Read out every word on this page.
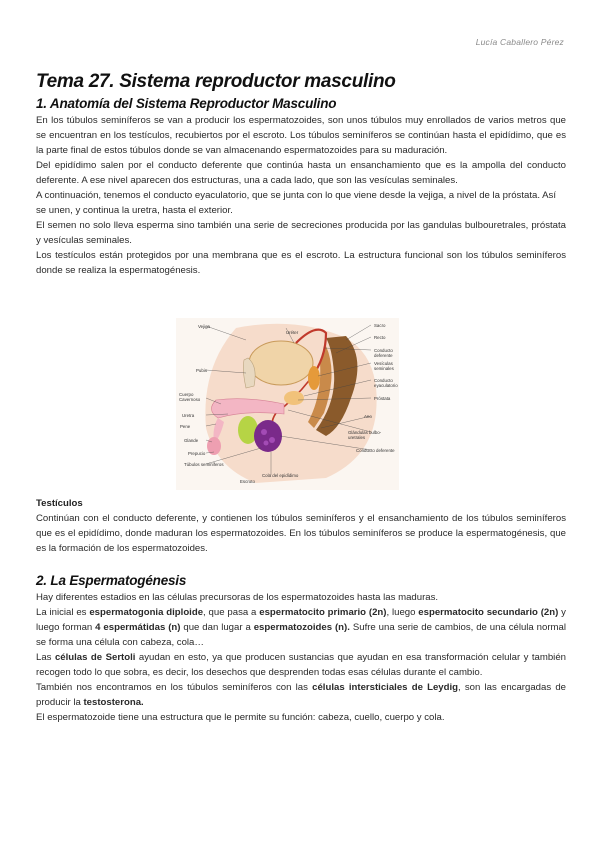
Lucía Caballero Pérez
Tema 27. Sistema reproductor masculino
1. Anatomía del Sistema Reproductor Masculino

En los túbulos seminíferos se van a producir los espermatozoides, son unos túbulos muy enrollados de varios metros que se encuentran en los testículos, recubiertos por el escroto. Los túbulos seminíferos se continúan hasta el epidídimo, que es la parte final de estos túbulos donde se van almacenando espermatozoides para su maduración.

Del epidídimo salen por el conducto deferente que continúa hasta un ensanchamiento que es la ampolla del conducto deferente. A ese nivel aparecen dos estructuras, una a cada lado, que son las vesículas seminales.

A continuación, tenemos el conducto eyaculatorio, que se junta con lo que viene desde la vejiga, a nivel de la próstata. Así se unen, y continua la uretra, hasta el exterior.

El semen no solo lleva esperma sino también una serie de secreciones producida por las gandulas bulbouretrales, próstata y vesículas seminales.

Los testículos están protegidos por una membrana que es el escroto. La estructura funcional son los túbulos seminíferos donde se realiza la espermatogénesis.

Vejiga
Pubis
Cuerpo Cavernoso
Uretra
Pene
Glande
Prepucio
Túbulos seminíferos
Escroto
Uréter
Sacro
Recto
Conducto deferente
Vesículas seminales
Conducto eyaculatorio
Próstata
Ano
Glándulas bulbo-uretrales
Conducto deferente
Cola del epidídimo
Testículos

Continúan con el conducto deferente, y contienen los túbulos seminíferos y el ensanchamiento de los túbulos seminíferos que es el epidídimo, donde maduran los espermatozoides. En los túbulos seminíferos se produce la espermatogénesis, que es la formación de los espermatozoides.

2. La Espermatogénesis

Hay diferentes estadios en las células precursoras de los espermatozoides hasta las maduras.

La inicial es espermatogonia diploide, que pasa a espermatocito primario (2n), luego espermatocito secundario (2n) y luego forman 4 espermátidas (n) que dan lugar a espermatozoides (n). Sufre una serie de cambios, de una célula normal se forma una célula con cabeza, cola…

Las células de Sertoli ayudan en esto, ya que producen sustancias que ayudan en esa transformación celular y también recogen todo lo que sobra, es decir, los desechos que desprenden todas esas células durante el cambio.

También nos encontramos en los túbulos seminíferos con las células intersticiales de Leydig, son las encargadas de producir la testosterona.

El espermatozoide tiene una estructura que le permite su función: cabeza, cuello, cuerpo y cola.
